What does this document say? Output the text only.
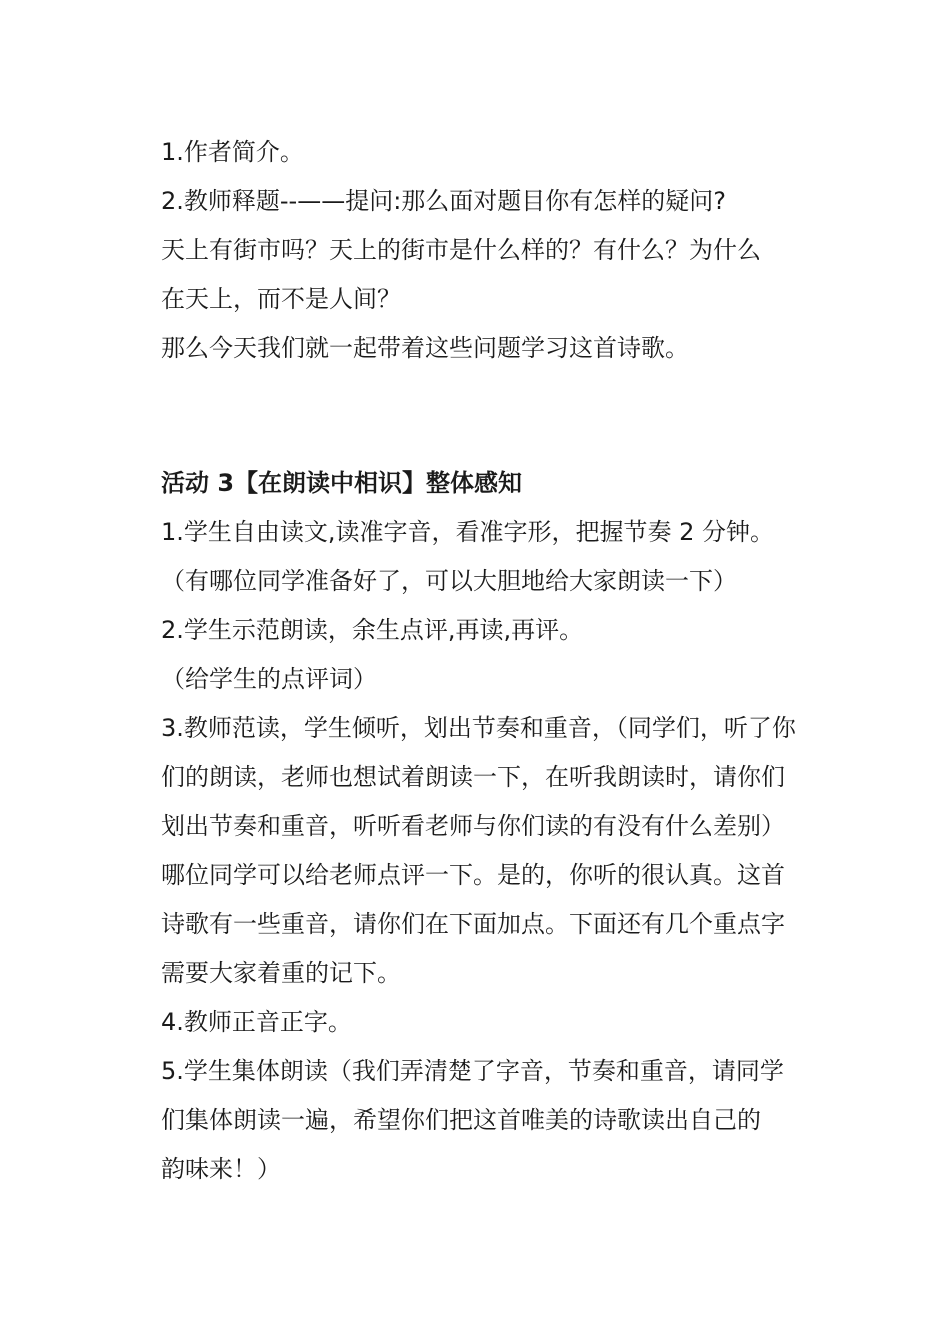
1.作者简介。
2.教师释题--——提问:那么面对题目你有怎样的疑问?
天上有街市吗？天上的街市是什么样的？有什么？为什么
在天上，而不是人间？
那么今天我们就一起带着这些问题学习这首诗歌。
活动 3【在朗读中相识】整体感知
1.学生自由读文,读准字音，看准字形，把握节奏 2 分钟。
（有哪位同学准备好了，可以大胆地给大家朗读一下）
2.学生示范朗读，余生点评,再读,再评。
（给学生的点评词）
3.教师范读，学生倾听，划出节奏和重音，（同学们，听了你
们的朗读，老师也想试着朗读一下，在听我朗读时，请你们
划出节奏和重音，听听看老师与你们读的有没有什么差别）
哪位同学可以给老师点评一下。是的，你听的很认真。这首
诗歌有一些重音，请你们在下面加点。下面还有几个重点字
需要大家着重的记下。
4.教师正音正字。
5.学生集体朗读（我们弄清楚了字音，节奏和重音，请同学
们集体朗读一遍，希望你们把这首唯美的诗歌读出自己的
韵味来！）
